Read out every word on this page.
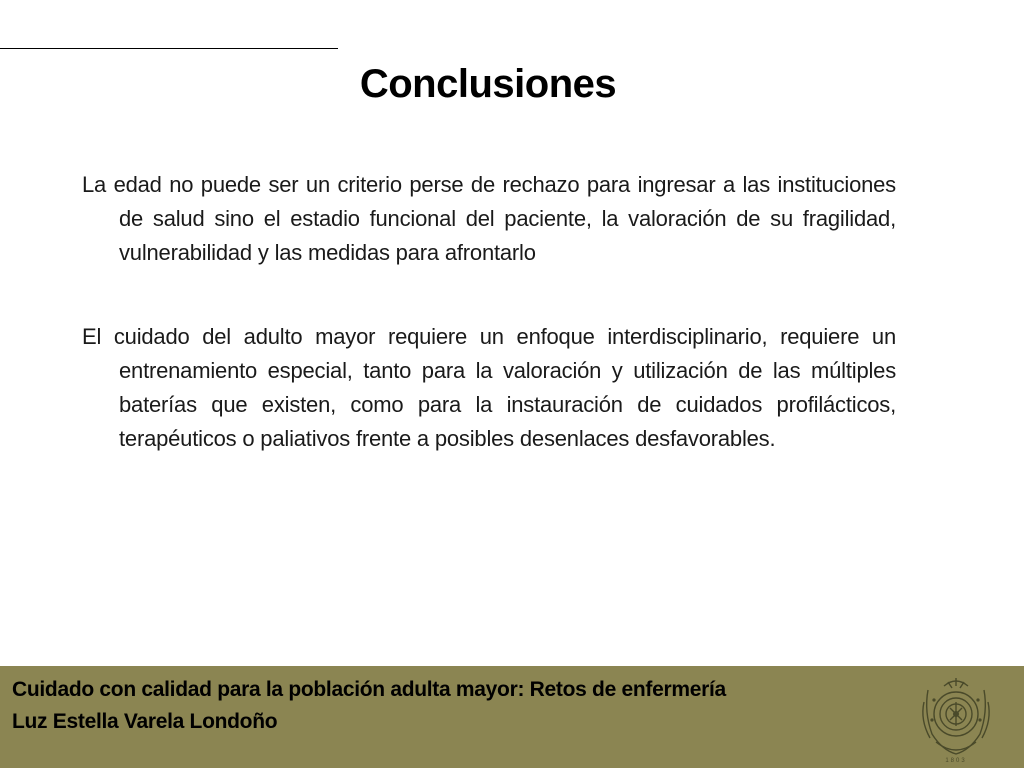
Conclusiones

La edad no puede ser un criterio perse de rechazo para ingresar a las instituciones de salud sino el estadio funcional del paciente, la valoración de su fragilidad, vulnerabilidad y las medidas para afrontarlo

El cuidado del adulto mayor requiere un enfoque interdisciplinario, requiere un entrenamiento especial, tanto para la valoración y utilización de las múltiples baterías que existen, como para la instauración de cuidados profilácticos, terapéuticos o paliativos frente a posibles desenlaces desfavorables.

Cuidado con calidad para la población adulta mayor: Retos de enfermería
Luz Estella Varela Londoño
1803
